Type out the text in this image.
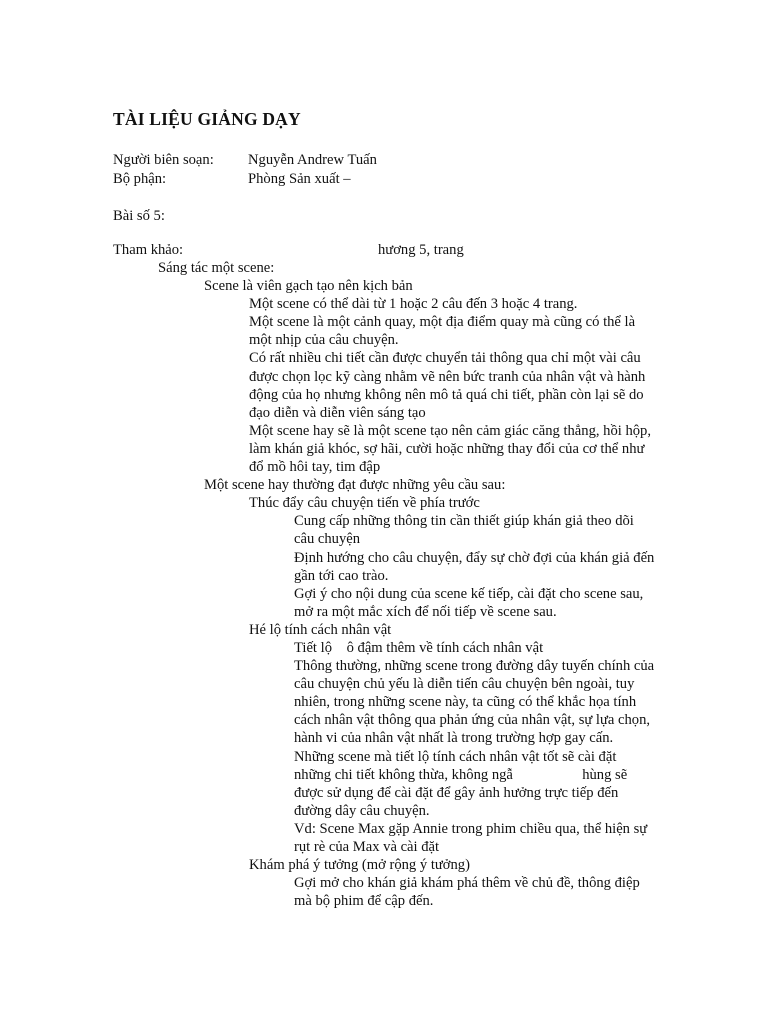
TÀI LIỆU GIẢNG DẠY
Người biên soạn: Nguyễn Andrew Tuấn
Bộ phận:	Phòng Sản xuất –
Bài số 5:
Tham khảo:	hương 5, trang
Sáng tác một scene:
Scene là viên gạch tạo nên kịch bản
Một scene có thể dài từ 1 hoặc 2 câu đến 3 hoặc 4 trang.
Một scene là một cảnh quay, một địa điểm quay mà cũng có thể là một nhịp của câu chuyện.
Có rất nhiều chi tiết cần được chuyển tải thông qua chỉ một vài câu được chọn lọc kỹ càng nhằm vẽ nên bức tranh của nhân vật và hành động của họ nhưng không nên mô tả quá chi tiết, phần còn lại sẽ do đạo diễn và diễn viên sáng tạo
Một scene hay sẽ là một scene tạo nên cảm giác căng thẳng, hồi hộp, làm khán giả khóc, sợ hãi, cười hoặc những thay đổi của cơ thể như đổ mồ hôi tay, tim đập
Một scene hay thường đạt được những yêu cầu sau:
Thúc đẩy câu chuyện tiến về phía trước
Cung cấp những thông tin cần thiết giúp khán giả theo dõi câu chuyện
Định hướng cho câu chuyện, đẩy sự chờ đợi của khán giả đến gần tới cao trào.
Gợi ý cho nội dung của scene kế tiếp, cài đặt cho scene sau, mở ra một mắc xích để nối tiếp về scene sau.
Hé lộ tính cách nhân vật
Tiết lộ    ô đậm thêm về tính cách nhân vật
Thông thường, những scene trong đường dây tuyến chính của câu chuyện chủ yếu là diễn tiến câu chuyện bên ngoài, tuy nhiên, trong những scene này, ta cũng có thể khắc họa tính cách nhân vật thông qua phản ứng của nhân vật, sự lựa chọn, hành vi của nhân vật nhất là trong trường hợp gay cấn.
Những scene mà tiết lộ tính cách nhân vật tốt sẽ cài đặt những chi tiết không thừa, không ngẫ                   hùng sẽ được sử dụng để cài đặt để gây ảnh hưởng trực tiếp đến đường dây câu chuyện.
Vd: Scene Max gặp Annie trong phim chiều qua, thể hiện sự rụt rè của Max và cài đặt
Khám phá ý tưởng (mở rộng ý tưởng)
Gợi mở cho khán giả khám phá thêm về chủ đề, thông điệp mà bộ phim để cập đến.
